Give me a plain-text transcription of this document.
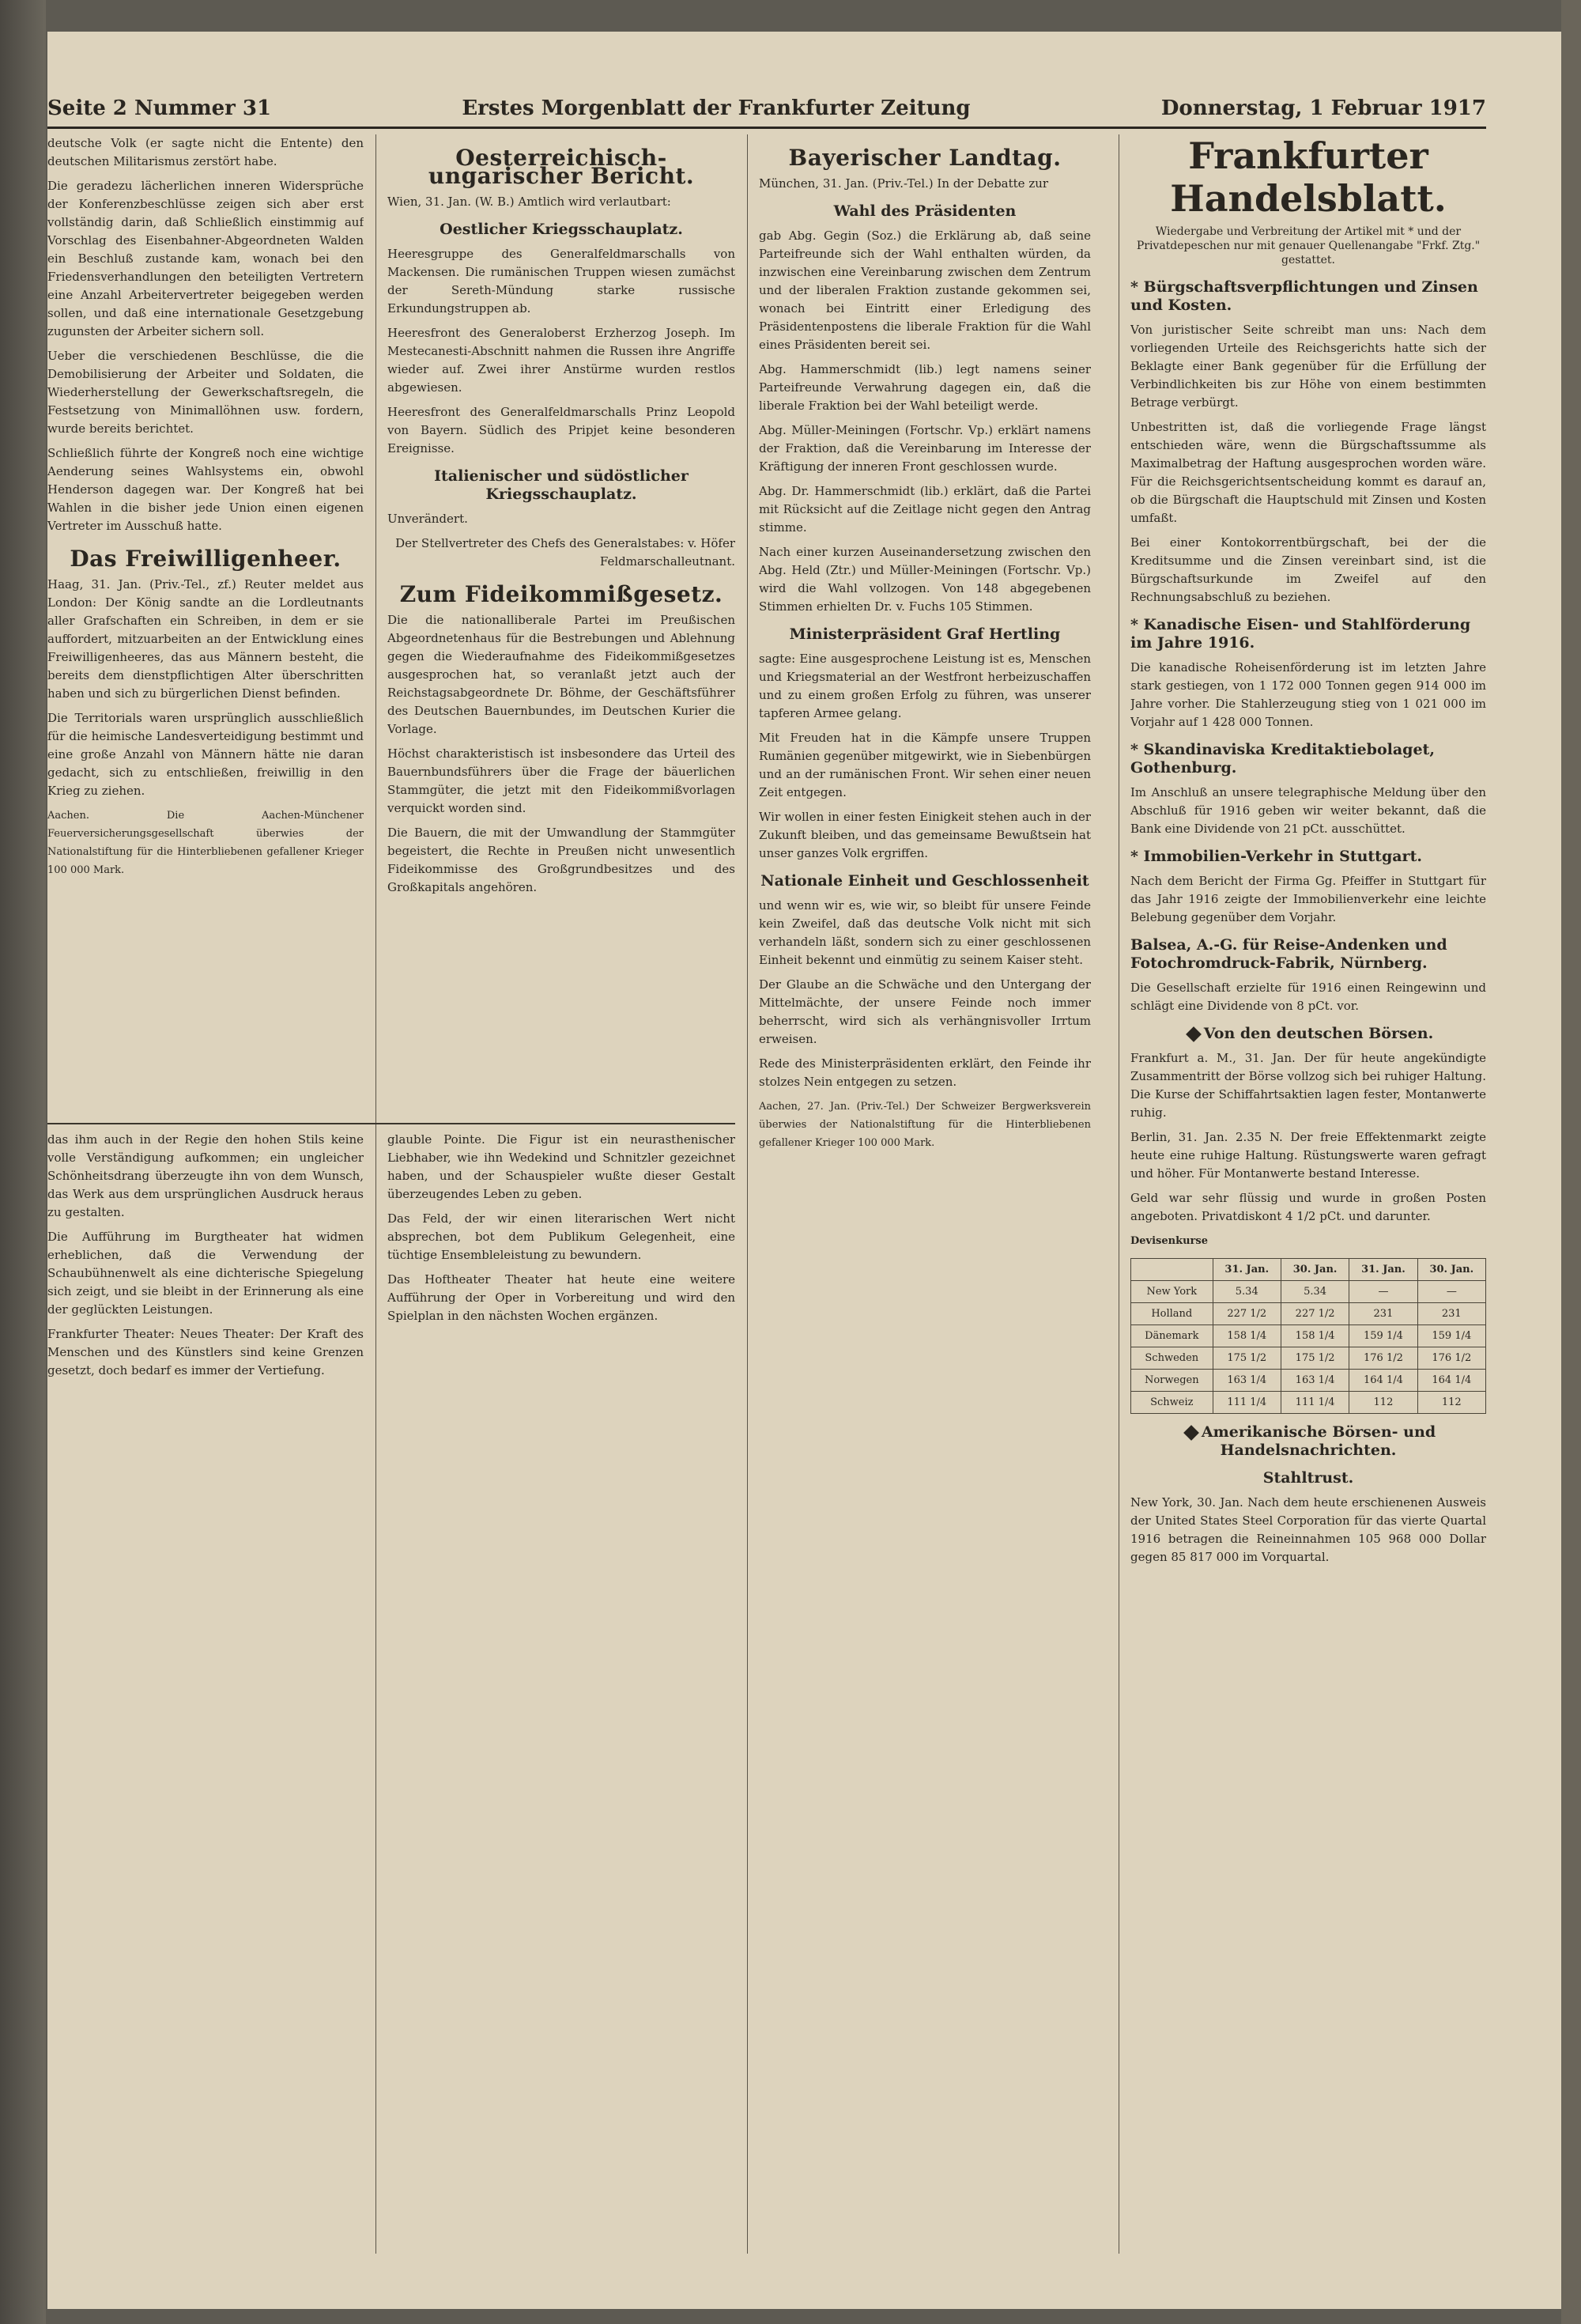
Seite 2 Nummer 31	Erstes Morgenblatt der Frankfurter Zeitung	Donnerstag, 1 Februar 1917

deutsche Volk (er sagte nicht die Entente) den deutschen Militarismus zerstört habe.

Die geradezu lächerlichen inneren Widersprüche der Konferenzbeschlüsse zeigen sich aber erst vollständig darin, daß Schließlich einstimmig auf Vorschlag des Eisenbahner-Abgeordneten Walden ein Beschluß zustande kam, wonach bei den Friedensverhandlungen den beteiligten Vertretern eine Anzahl Arbeitervertreter beigegeben werden sollen, und daß eine internationale Gesetzgebung zugunsten der Arbeiter sichern soll.

Ueber die verschiedenen Beschlüsse, die die Demobilisierung der Arbeiter und Soldaten, die Wiederherstellung der Gewerkschaftsregeln, die Festsetzung von Minimallöhnen usw. fordern, wurde bereits berichtet.

Schließlich führte der Kongreß noch eine wichtige Aenderung seines Wahlsystems ein, obwohl Henderson dagegen war. Der Kongreß hat bei Wahlen in die bisher jede Union einen eigenen Vertreter im Ausschuß hatte.

Das Freiwilligenheer.

Haag, 31. Jan. (Priv.-Tel., zf.) Reuter meldet aus London: Der König sandte an die Lordleutnants aller Grafschaften ein Schreiben, in dem er sie auffordert, mitzuarbeiten an der Entwicklung eines Freiwilligenheeres, das aus Männern besteht, die bereits dem dienstpflichtigen Alter überschritten haben und sich zu bürgerlichen Dienst befinden.

Die Territorials waren ursprünglich ausschließlich für die heimische Landesverteidigung bestimmt und eine große Anzahl von Männern hätte nie daran gedacht, sich zu entschließen, freiwillig in den Krieg zu ziehen.

Aachen. Die Aachen-Münchener Feuerversicherungsgesellschaft überwies der Nationalstiftung für die Hinterbliebenen gefallener Krieger 100 000 Mark.

Oesterreichisch-ungarischer Bericht.

Wien, 31. Jan. (W. B.) Amtlich wird verlautbart:

Oestlicher Kriegsschauplatz.

Heeresgruppe des Generalfeldmarschalls von Mackensen. Die rumänischen Truppen wiesen zumächst der Sereth-Mündung starke russische Erkundungstruppen ab.

Heeresfront des Generaloberst Erzherzog Joseph. Im Mestecanesti-Abschnitt nahmen die Russen ihre Angriffe wieder auf. Zwei ihrer Anstürme wurden restlos abgewiesen.

Heeresfront des Generalfeldmarschalls Prinz Leopold von Bayern. Südlich des Pripjet keine besonderen Ereignisse.

Italienischer und südöstlicher Kriegsschauplatz.

Unverändert.

Der Stellvertreter des Chefs des Generalstabes: v. Höfer Feldmarschalleutnant.

Zum Fideikommißgesetz.

Die die nationalliberale Partei im Preußischen Abgeordnetenhaus für die Bestrebungen und Ablehnung gegen die Wiederaufnahme des Fideikommißgesetzes ausgesprochen hat, so veranlaßt jetzt auch der Reichstagsabgeordnete Dr. Böhme, der Geschäftsführer des Deutschen Bauernbundes, im Deutschen Kurier die Vorlage.

Höchst charakteristisch ist insbesondere das Urteil des Bauernbundsführers über die Frage der bäuerlichen Stammgüter, die jetzt mit den Fideikommißvorlagen verquickt worden sind.

Die Bauern, die mit der Umwandlung der Stammgüter begeistert, die Rechte in Preußen nicht unwesentlich Fideikommisse des Großgrundbesitzes und des Großkapitals angehören.

Bayerischer Landtag.

München, 31. Jan. (Priv.-Tel.) In der Debatte zur

Wahl des Präsidenten

gab Abg. Gegin (Soz.) die Erklärung ab, daß seine Parteifreunde sich der Wahl enthalten würden, da inzwischen eine Vereinbarung zwischen dem Zentrum und der liberalen Fraktion zustande gekommen sei, wonach bei Eintritt einer Erledigung des Präsidentenpostens die liberale Fraktion für die Wahl eines Präsidenten bereit sei.

Abg. Hammerschmidt (lib.) legt namens seiner Parteifreunde Verwahrung dagegen ein, daß die liberale Fraktion bei der Wahl beteiligt werde.

Abg. Müller-Meiningen (Fortschr. Vp.) erklärt namens der Fraktion, daß die Vereinbarung im Interesse der Kräftigung der inneren Front geschlossen wurde.

Abg. Dr. Hammerschmidt (lib.) erklärt, daß die Partei mit Rücksicht auf die Zeitlage nicht gegen den Antrag stimme.

Nach einer kurzen Auseinandersetzung zwischen den Abg. Held (Ztr.) und Müller-Meiningen (Fortschr. Vp.) wird die Wahl vollzogen. Von 148 abgegebenen Stimmen erhielten Dr. v. Fuchs 105 Stimmen.

Ministerpräsident Graf Hertling

sagte: Eine ausgesprochene Leistung ist es, Menschen und Kriegsmaterial an der Westfront herbeizuschaffen und zu einem großen Erfolg zu führen, was unserer tapferen Armee gelang.

Mit Freuden hat in die Kämpfe unsere Truppen Rumänien gegenüber mitgewirkt, wie in Siebenbürgen und an der rumänischen Front. Wir sehen einer neuen Zeit entgegen.

Wir wollen in einer festen Einigkeit stehen auch in der Zukunft bleiben, und das gemeinsame Bewußtsein hat unser ganzes Volk ergriffen.

Nationale Einheit und Geschlossenheit

und wenn wir es, wie wir, so bleibt für unsere Feinde kein Zweifel, daß das deutsche Volk nicht mit sich verhandeln läßt, sondern sich zu einer geschlossenen Einheit bekennt und einmütig zu seinem Kaiser steht.

Der Glaube an die Schwäche und den Untergang der Mittelmächte, der unsere Feinde noch immer beherrscht, wird sich als verhängnisvoller Irrtum erweisen.

Rede des Ministerpräsidenten erklärt, den Feinde ihr stolzes Nein entgegen zu setzen.

Aachen, 27. Jan. (Priv.-Tel.) Der Schweizer Bergwerksverein überwies der Nationalstiftung für die Hinterbliebenen gefallener Krieger 100 000 Mark.

Frankfurter Handelsblatt.
Wiedergabe und Verbreitung der Artikel mit * und der Privatdepeschen nur mit genauer Quellenangabe "Frkf. Ztg." gestattet.
* Bürgschaftsverpflichtungen und Zinsen und Kosten.

Von juristischer Seite schreibt man uns: Nach dem vorliegenden Urteile des Reichsgerichts hatte sich der Beklagte einer Bank gegenüber für die Erfüllung der Verbindlichkeiten bis zur Höhe von einem bestimmten Betrage verbürgt.

Unbestritten ist, daß die vorliegende Frage längst entschieden wäre, wenn die Bürgschaftssumme als Maximalbetrag der Haftung ausgesprochen worden wäre. Für die Reichsgerichtsentscheidung kommt es darauf an, ob die Bürgschaft die Hauptschuld mit Zinsen und Kosten umfaßt.

Bei einer Kontokorrentbürgschaft, bei der die Kreditsumme und die Zinsen vereinbart sind, ist die Bürgschaftsurkunde im Zweifel auf den Rechnungsabschluß zu beziehen.

* Kanadische Eisen- und Stahlförderung im Jahre 1916.

Die kanadische Roheisenförderung ist im letzten Jahre stark gestiegen, von 1 172 000 Tonnen gegen 914 000 im Jahre vorher. Die Stahlerzeugung stieg von 1 021 000 im Vorjahr auf 1 428 000 Tonnen.

* Skandinaviska Kreditaktiebolaget, Gothenburg.

Im Anschluß an unsere telegraphische Meldung über den Abschluß für 1916 geben wir weiter bekannt, daß die Bank eine Dividende von 21 pCt. ausschüttet.

* Immobilien-Verkehr in Stuttgart.

Nach dem Bericht der Firma Gg. Pfeiffer in Stuttgart für das Jahr 1916 zeigte der Immobilienverkehr eine leichte Belebung gegenüber dem Vorjahr.

Balsea, A.-G. für Reise-Andenken und Fotochromdruck-Fabrik, Nürnberg.

Die Gesellschaft erzielte für 1916 einen Reingewinn und schlägt eine Dividende von 8 pCt. vor.

Von den deutschen Börsen.

Frankfurt a. M., 31. Jan. Der für heute angekündigte Zusammentritt der Börse vollzog sich bei ruhiger Haltung. Die Kurse der Schiffahrtsaktien lagen fester, Montanwerte ruhig.

Berlin, 31. Jan. 2.35 N. Der freie Effektenmarkt zeigte heute eine ruhige Haltung. Rüstungswerte waren gefragt und höher. Für Montanwerte bestand Interesse.

Geld war sehr flüssig und wurde in großen Posten angeboten. Privatdiskont 4 1/2 pCt. und darunter.

Devisenkurse
	31. Jan.	30. Jan.	31. Jan.	30. Jan.
New York	5.34	5.34	—	—
Holland	227 1/2	227 1/2	231	231
Dänemark	158 1/4	158 1/4	159 1/4	159 1/4
Schweden	175 1/2	175 1/2	176 1/2	176 1/2
Norwegen	163 1/4	163 1/4	164 1/4	164 1/4
Schweiz	111 1/4	111 1/4	112	112
Amerikanische Börsen- und Handelsnachrichten.
Stahltrust.

New York, 30. Jan. Nach dem heute erschienenen Ausweis der United States Steel Corporation für das vierte Quartal 1916 betragen die Reineinnahmen 105 968 000 Dollar gegen 85 817 000 im Vorquartal.

das ihm auch in der Regie den hohen Stils keine volle Verständigung aufkommen; ein ungleicher Schönheitsdrang überzeugte ihn von dem Wunsch, das Werk aus dem ursprünglichen Ausdruck heraus zu gestalten.

Die Aufführung im Burgtheater hat widmen erheblichen, daß die Verwendung der Schaubühnenwelt als eine dichterische Spiegelung sich zeigt, und sie bleibt in der Erinnerung als eine der geglückten Leistungen.

Frankfurter Theater: Neues Theater: Der Kraft des Menschen und des Künstlers sind keine Grenzen gesetzt, doch bedarf es immer der Vertiefung.

glauble Pointe. Die Figur ist ein neurasthenischer Liebhaber, wie ihn Wedekind und Schnitzler gezeichnet haben, und der Schauspieler wußte dieser Gestalt überzeugendes Leben zu geben.

Das Feld, der wir einen literarischen Wert nicht absprechen, bot dem Publikum Gelegenheit, eine tüchtige Ensembleleistung zu bewundern.

Das Hoftheater Theater hat heute eine weitere Aufführung der Oper in Vorbereitung und wird den Spielplan in den nächsten Wochen ergänzen.
